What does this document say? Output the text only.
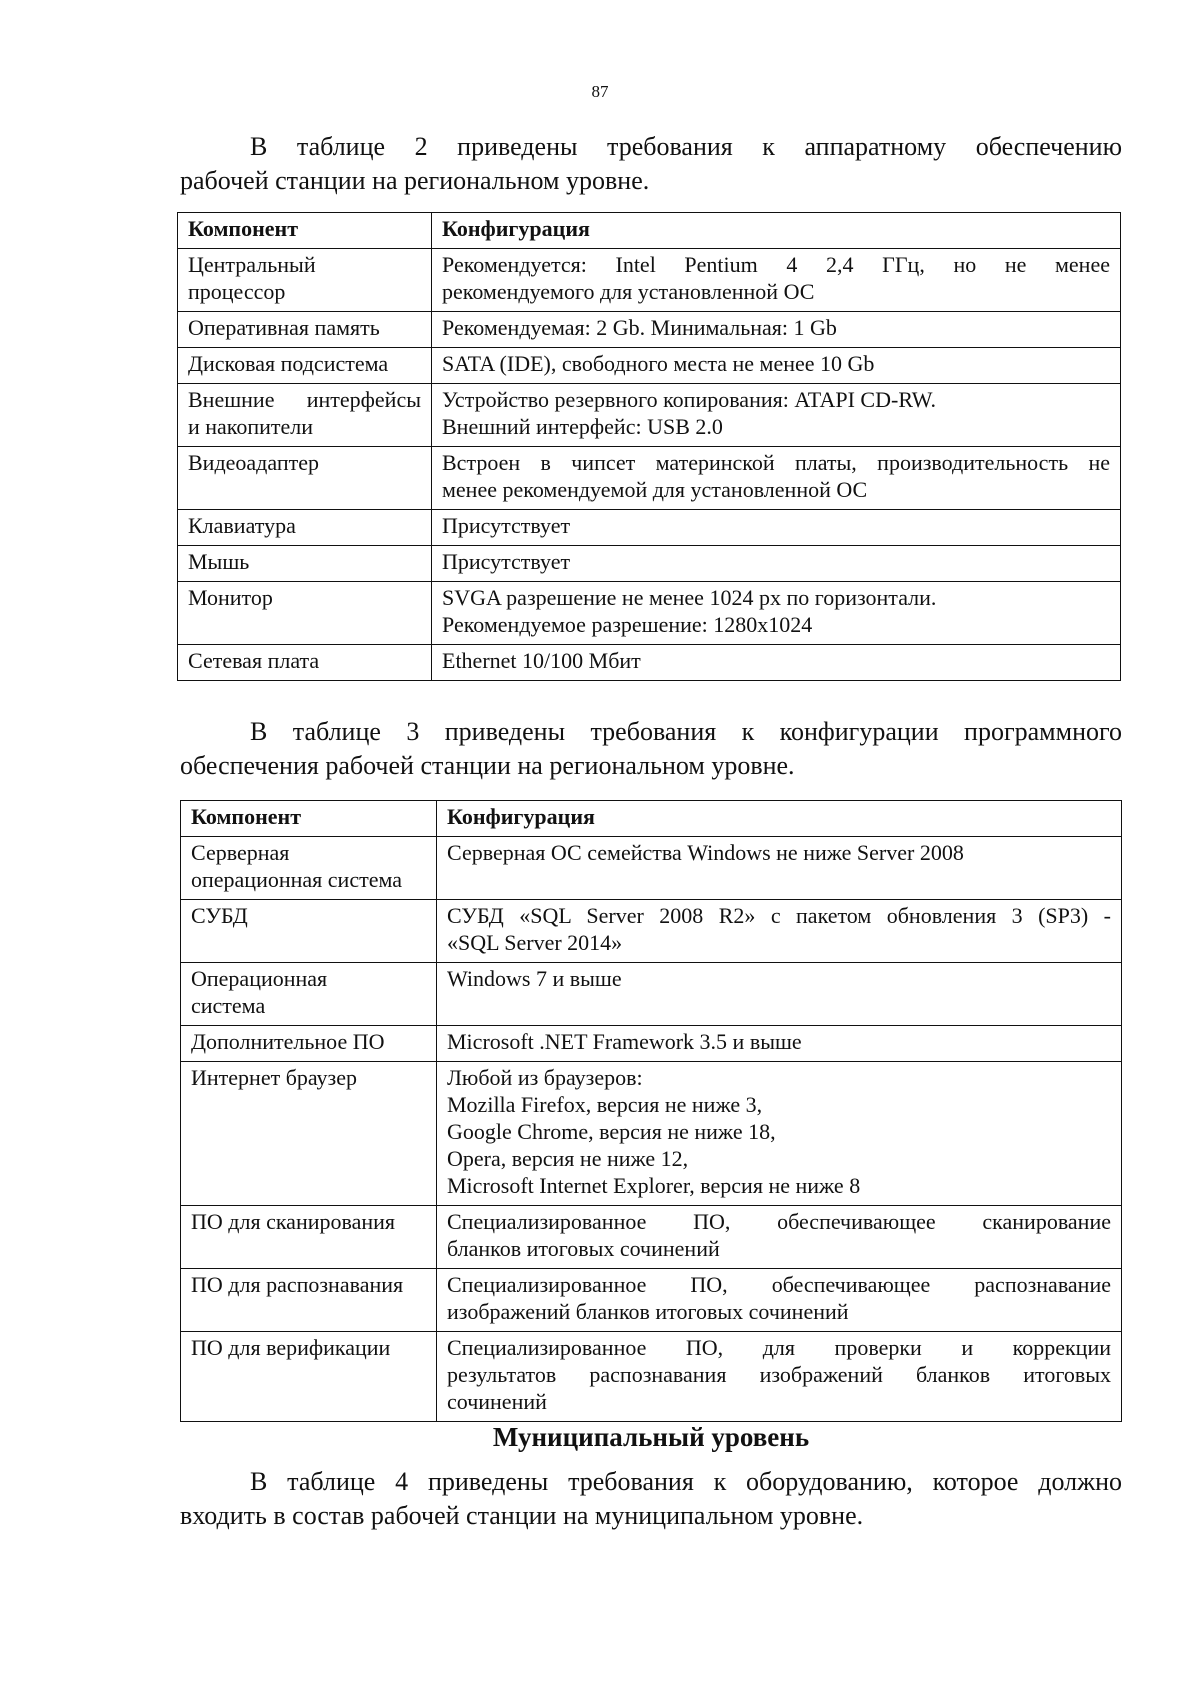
87

В таблице 2 приведены требования к аппаратному обеспечению
рабочей станции на региональном уровне.

Компонент	Конфигурация

Центральный
процессор	Рекомендуется: Intel Pentium 4 2,4 ГГц, но не менее
рекомендуемого для установленной ОС

Оперативная память	Рекомендуемая: 2 Gb. Минимальная: 1 Gb

Дисковая подсистема	SATA (IDE), свободного места не менее 10 Gb

Внешние интерфейсы
и накопители	Устройство резервного копирования: ATAPI CD-RW.
Внешний интерфейс: USB 2.0

Видеоадаптер	Встроен в чипсет материнской платы, производительность не
менее рекомендуемой для установленной ОС

Клавиатура	Присутствует

Мышь	Присутствует

Монитор	SVGA разрешение не менее 1024 px по горизонтали.
Рекомендуемое разрешение: 1280x1024

Сетевая плата	Ethernet 10/100 Мбит

В таблице 3 приведены требования к конфигурации программного
обеспечения рабочей станции на региональном уровне.

Компонент	Конфигурация

Серверная
операционная система	Серверная ОС семейства Windows не ниже Server 2008

СУБД	СУБД «SQL Server 2008 R2» с пакетом обновления 3 (SP3) -
«SQL Server 2014»

Операционная
система	Windows 7 и выше

Дополнительное ПО	Microsoft .NET Framework 3.5 и выше

Интернет браузер	Любой из браузеров:
Mozilla Firefox, версия не ниже 3,
Google Chrome, версия не ниже 18,
Opera, версия не ниже 12,
Microsoft Internet Explorer, версия не ниже 8

ПО для сканирования	Специализированное ПО, обеспечивающее сканирование
бланков итоговых сочинений

ПО для распознавания	Специализированное ПО, обеспечивающее распознавание
изображений бланков итоговых сочинений

ПО для верификации	Специализированное ПО, для проверки и коррекции
результатов распознавания изображений бланков итоговых
сочинений
Муниципальный уровень

В таблице 4 приведены требования к оборудованию, которое должно
входить в состав рабочей станции на муниципальном уровне.
